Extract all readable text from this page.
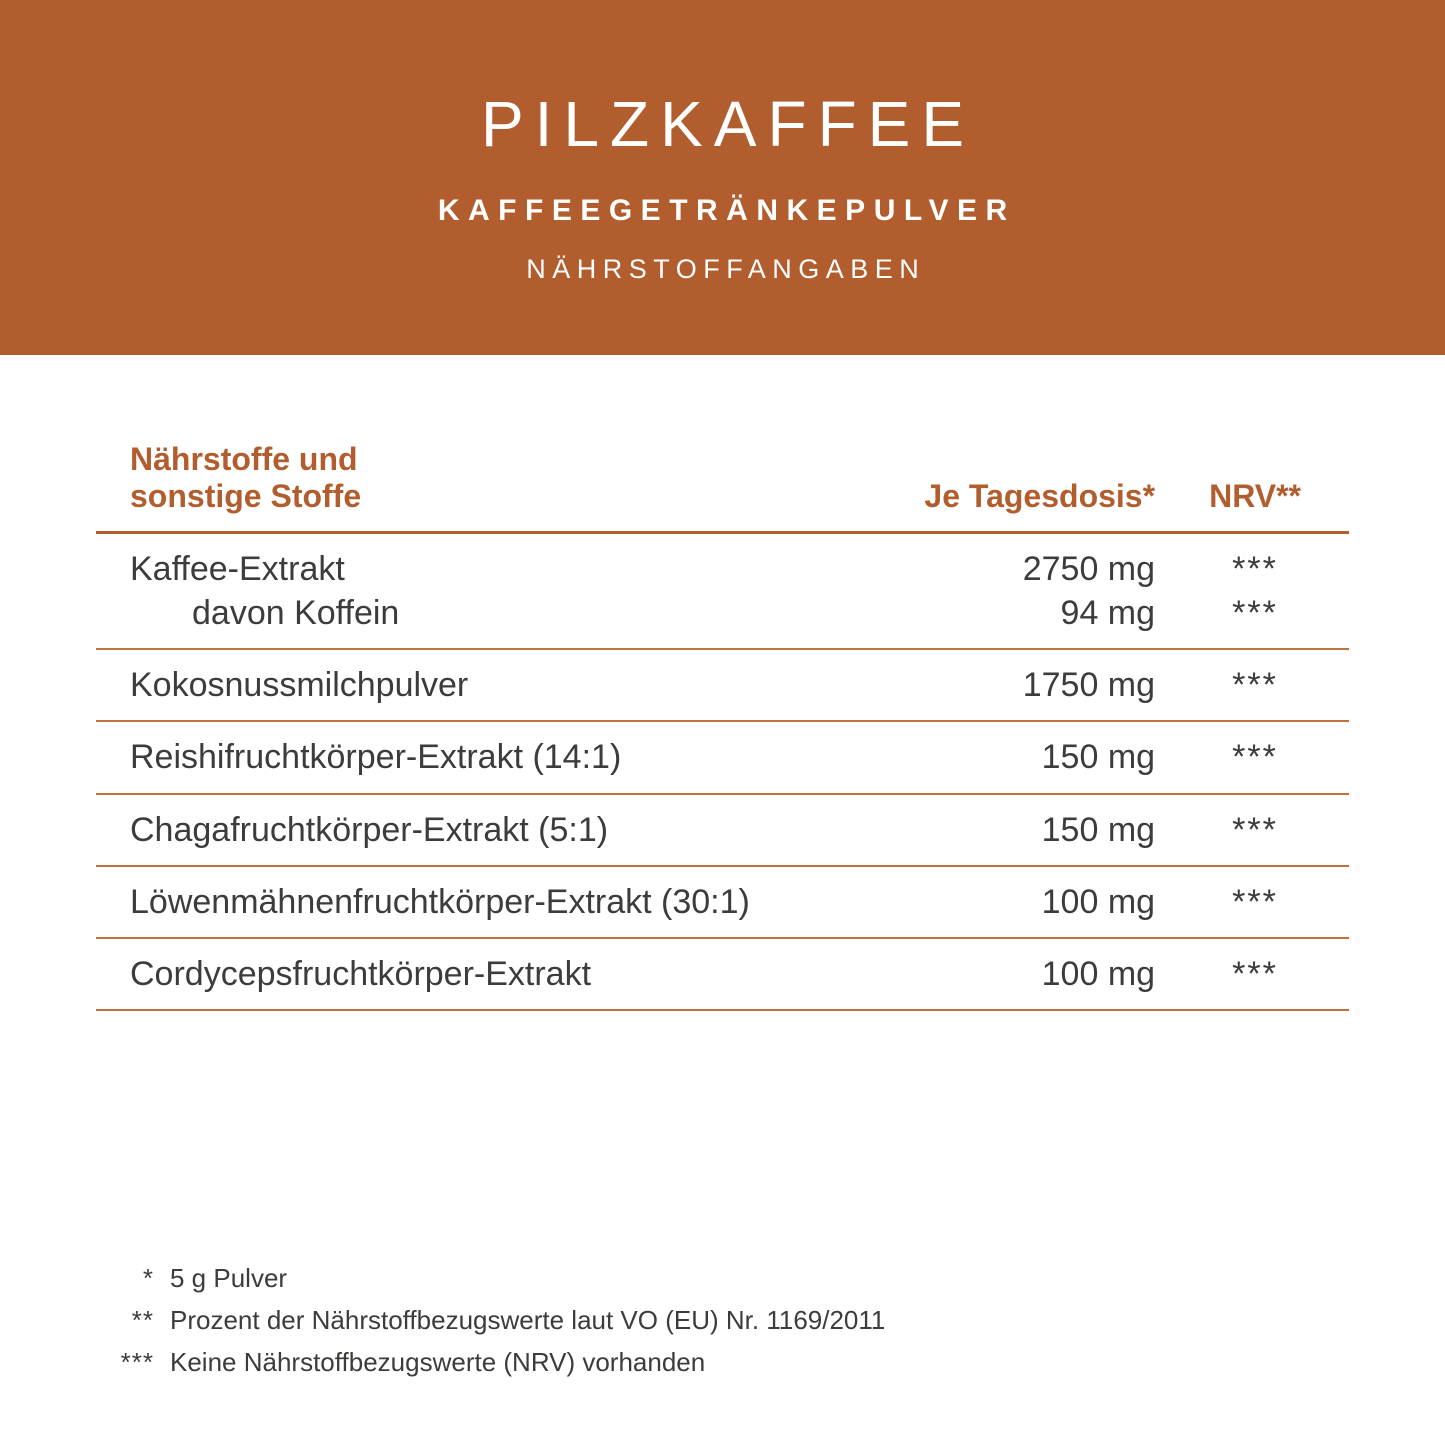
PILZKAFFEE
KAFFEEGETRÄNKEPULVER
NÄHRSTOFFANGABEN
Nährstoffe und
sonstige Stoffe	Je Tagesdosis*	NRV**
Kaffee-Extrakt	2750 mg	***
davon Koffein	94 mg	***
Kokosnussmilchpulver	1750 mg	***
Reishifruchtkörper-Extrakt (14:1)	150 mg	***
Chagafruchtkörper-Extrakt (5:1)	150 mg	***
Löwenmähnenfruchtkörper-Extrakt (30:1)	100 mg	***
Cordycepsfruchtkörper-Extrakt	100 mg	***
* 5 g Pulver
** Prozent der Nährstoffbezugswerte laut VO (EU) Nr. 1169/2011
*** Keine Nährstoffbezugswerte (NRV) vorhanden
